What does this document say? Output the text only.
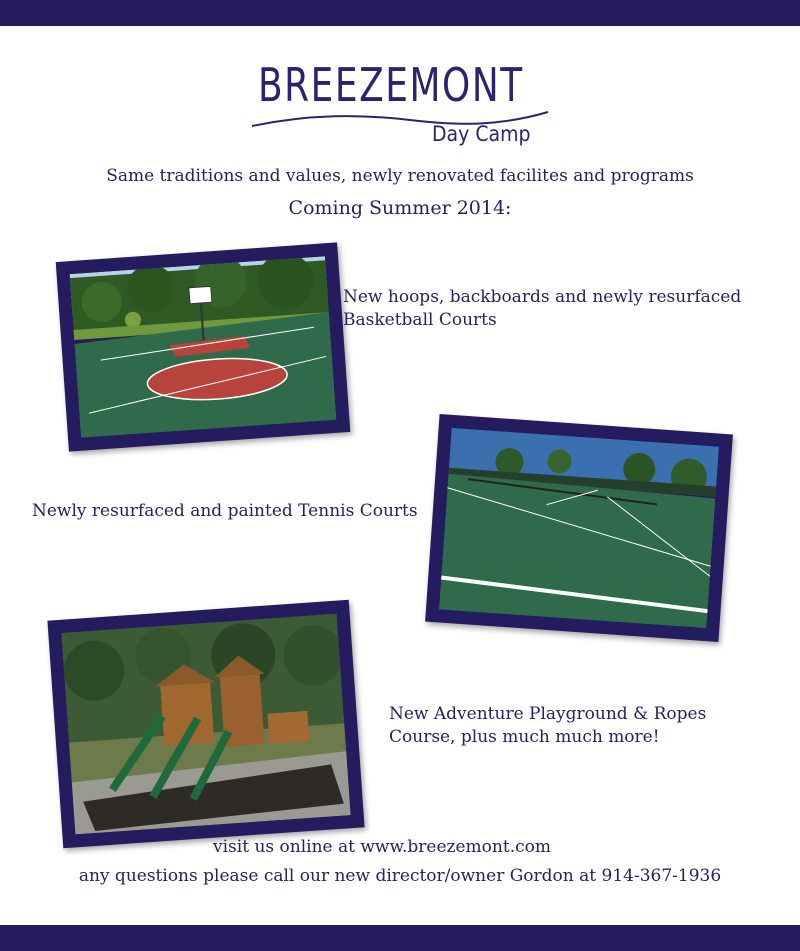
BREEZEMONT
Day Camp
Same traditions and values, newly renovated facilites and programs
Coming Summer 2014:
New hoops, backboards and newly resurfaced
Basketball Courts
Newly resurfaced and painted Tennis Courts
New Adventure Playground & Ropes
Course, plus much much more!
visit us online at www.breezemont.com
any questions please call our new director/owner Gordon at 914-367-1936
